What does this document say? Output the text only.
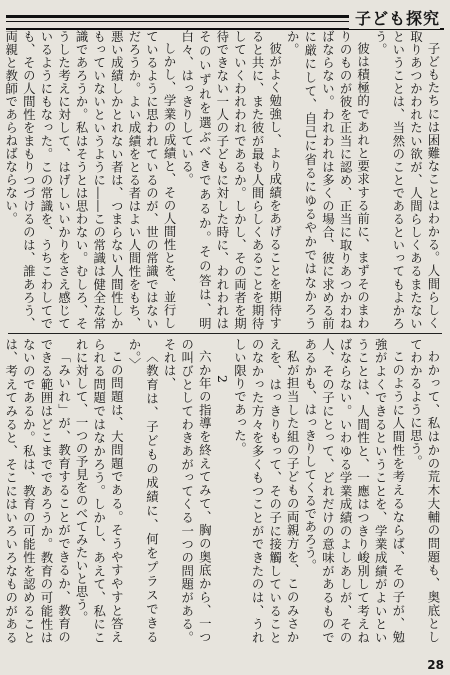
子ども探究

子どもたちには困難なことはわかる。人間らしく取りあつかわれたい欲が、人間らしくあるまたないということは、当然のことであるといってもよかろう。

彼は積極的であれと要求する前に、まずそのまわりのものが彼を正当に認め、正当に取りあつかわねばならない。われわれは多くの場合、彼に求める前に厳にして、自己に省るにゆるやかではなかろうか。

彼がよく勉強し、より成績をあげることを期待すると共に、また彼が最も人間らしくあることを期待していくわれわれであるか。しかし、その両者を期待できない一人の子どもに対した時に、われわれはそのいずれを選ぶべきであるか。その答は、明白々、はっきりしている。

しかし、学業の成績と、その人間性とを、並行しているように思われているのが、世の常識ではないだろうか。よい成績をとる者はよい人間性をもち、悪い成績しかとれない者は、つまらない人間性しかもっていないというように――この常識は健全な常識であろうか。私はそうとは思わない。むしろ、そうした考えに対して、はげしいいかりをさえ感じているようにもなった。この常識を、うちこわしてでも、その人間性をまもりつづけるのは、誰あろう、両親と教師であらねばならない。

わかって、私はかの荒木大輔の問題も、奥底としてわかるように思う。

このように人間性を考えるならば、その子が、勉強がよくできるということを、学業成績がよいということは、人間性と、一應はつきり峻別して考えねばならない。いわゆる学業成績のよしあしが、その人、その子にとって、どれだけの意味があるものであるかも、はっきりしてくるであろう。

私が担当した組の子どもの両親方を、このみさかえを、はっきりもって、その子に接觸していることのなかった方々を多くもつことができたのは、うれしい限りであった。

2

六か年の指導を終えてみて、胸の奥底から、一つの叫びとしてわきあがってくる一つの問題がある。それは、

〈教育は、子どもの成績に、何をプラスできるか。〉

この問題は、大問題である。そうやすやすと答えられる問題ではなかろう。しかし、あえて、私にこれに対して、一つの予見をのべてみたいと思う。

「みいれ」が、教育することができるか、教育のできる範囲はどこまでであろうか。教育の可能性はないのであるか。私は、教育の可能性を認めることは、考えてみると、そこにはいろいろなものがある

28
